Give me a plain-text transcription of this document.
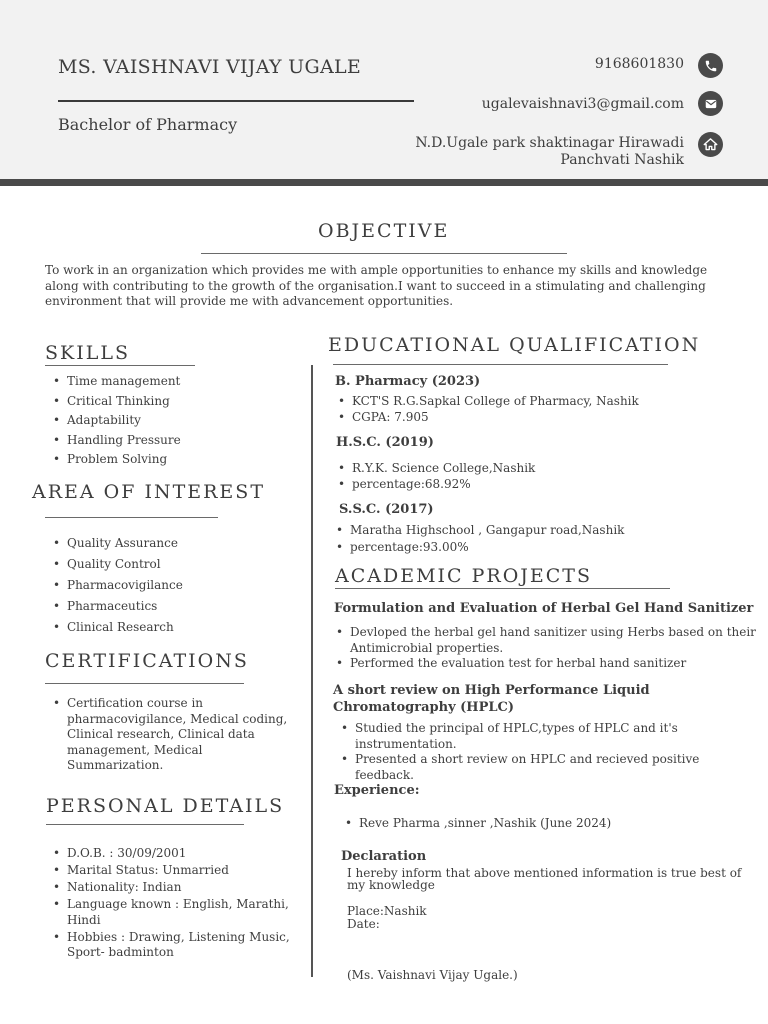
MS. VAISHNAVI VIJAY UGALE
Bachelor of Pharmacy
9168601830
ugalevaishnavi3@gmail.com
N.D.Ugale park shaktinagar Hirawadi
Panchvati Nashik
OBJECTIVE
To work in an organization which provides me with ample opportunities to enhance my skills and knowledge along with contributing to the growth of the organisation.I want to succeed in a stimulating and challenging environment that will provide me with advancement opportunities.
SKILLS
• Time management
• Critical Thinking
• Adaptability
• Handling Pressure
• Problem Solving
AREA OF INTEREST
• Quality Assurance
• Quality Control
• Pharmacovigilance
• Pharmaceutics
• Clinical Research
CERTIFICATIONS
• Certification course in pharmacovigilance, Medical coding, Clinical research, Clinical data management, Medical Summarization.
PERSONAL DETAILS
• D.O.B. : 30/09/2001
• Marital Status: Unmarried
• Nationality: Indian
• Language known : English, Marathi, Hindi
• Hobbies : Drawing, Listening Music, Sport- badminton
EDUCATIONAL QUALIFICATION
B. Pharmacy (2023)
• KCT'S R.G.Sapkal College of Pharmacy, Nashik
• CGPA: 7.905
H.S.C. (2019)
• R.Y.K. Science College,Nashik
• percentage:68.92%
S.S.C. (2017)
• Maratha Highschool , Gangapur road,Nashik
• percentage:93.00%
ACADEMIC PROJECTS
Formulation and Evaluation of Herbal Gel Hand Sanitizer
• Devloped the herbal gel hand sanitizer using Herbs based on their Antimicrobial properties.
• Performed the evaluation test for herbal hand sanitizer
A short review on High Performance Liquid Chromatography (HPLC)
• Studied the principal of HPLC,types of HPLC and it's instrumentation.
• Presented a short review on HPLC and recieved positive feedback.
Experience:
• Reve Pharma ,sinner ,Nashik (June 2024)
Declaration
I hereby inform that above mentioned information is true best of my knowledge
Place:Nashik
Date:
(Ms. Vaishnavi Vijay Ugale.)
